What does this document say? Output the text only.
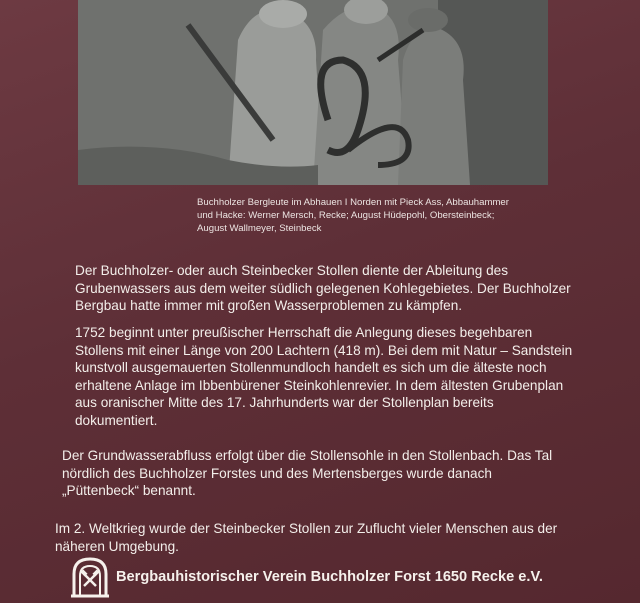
Buchholzer Bergleute im Abhauen I Norden mit Pieck Ass, Abbauhammer
und Hacke: Werner Mersch, Recke; August Hüdepohl, Obersteinbeck;
August Wallmeyer, Steinbeck

Der Buchholzer- oder auch Steinbecker Stollen diente der Ableitung des Grubenwassers aus dem weiter südlich gelegenen Kohlegebietes. Der Buchholzer Bergbau hatte immer mit großen Wasserproblemen zu kämpfen.

1752 beginnt unter preußischer Herrschaft die Anlegung dieses begehbaren Stollens mit einer Länge von 200 Lachtern (418 m). Bei dem mit Natur – Sandstein kunstvoll ausgemauerten Stollenmundloch handelt es sich um die älteste noch erhaltene Anlage im Ibbenbürener Steinkohlenrevier. In dem ältesten Grubenplan aus oranischer Mitte des 17. Jahrhunderts war der Stollenplan bereits dokumentiert.

Der Grundwasserabfluss erfolgt über die Stollensohle in den Stollenbach. Das Tal nördlich des Buchholzer Forstes und des Mertensberges wurde danach „Püttenbeck“ benannt.

Im 2. Weltkrieg wurde der Steinbecker Stollen zur Zuflucht vieler Menschen aus der näheren Umgebung.

Bergbauhistorischer Verein Buchholzer Forst 1650 Recke e.V.
